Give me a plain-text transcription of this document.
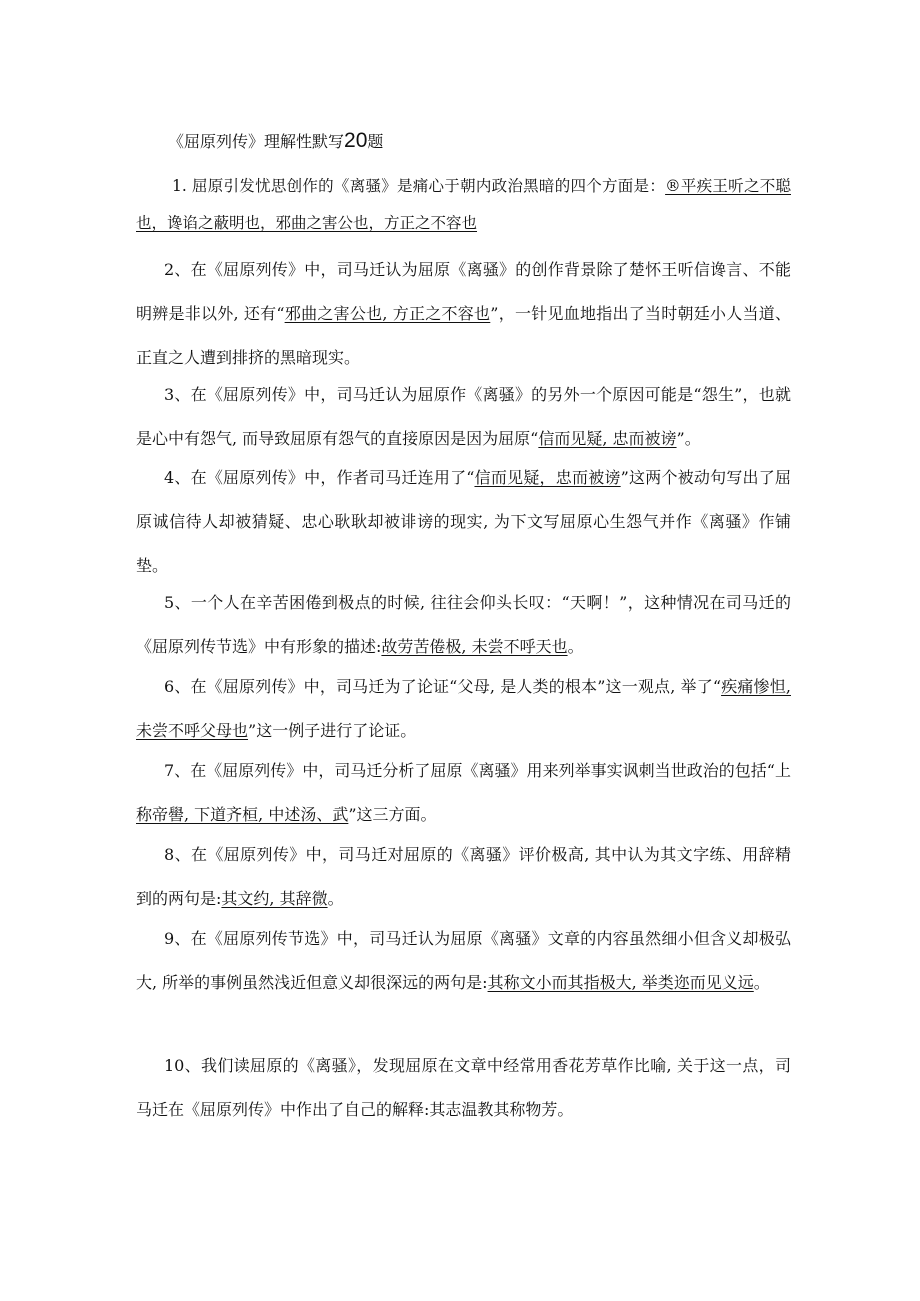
《屈原列传》理解性默写20题
1. 屈原引发忧思创作的《离骚》是痛心于朝内政治黑暗的四个方面是：®平疾王听之不聪也，谗谄之蔽明也，邪曲之害公也，方正之不容也
2、在《屈原列传》中，司马迁认为屈原《离骚》的创作背景除了楚怀王听信谗言、不能明辨是非以外, 还有“邪曲之害公也, 方正之不容也”，一针见血地指出了当时朝廷小人当道、正直之人遭到排挤的黑暗现实。
3、在《屈原列传》中，司马迁认为屈原作《离骚》的另外一个原因可能是“怨生”，也就是心中有怨气, 而导致屈原有怨气的直接原因是因为屈原“信而见疑, 忠而被谤”。
4、在《屈原列传》中，作者司马迁连用了“信而见疑，忠而被谤”这两个被动句写出了屈原诚信待人却被猜疑、忠心耿耿却被诽谤的现实, 为下文写屈原心生怨气并作《离骚》作铺垫。
5、一个人在辛苦困倦到极点的时候, 往往会仰头长叹：“天啊！”，这种情况在司马迁的《屈原列传节选》中有形象的描述:故劳苦倦极, 未尝不呼天也。
6、在《屈原列传》中，司马迁为了论证“父母, 是人类的根本”这一观点, 举了“疾痛惨怛, 未尝不呼父母也”这一例子进行了论证。
7、在《屈原列传》中，司马迁分析了屈原《离骚》用来列举事实讽刺当世政治的包括“上称帝嚳, 下道齐桓, 中述汤、武”这三方面。
8、在《屈原列传》中，司马迁对屈原的《离骚》评价极高, 其中认为其文字练、用辞精到的两句是:其文约, 其辞微。
9、在《屈原列传节选》中，司马迁认为屈原《离骚》文章的内容虽然细小但含义却极弘大, 所举的事例虽然浅近但意义却很深远的两句是:其称文小而其指极大, 举类迩而见义远。
10、我们读屈原的《离骚》，发现屈原在文章中经常用香花芳草作比喻, 关于这一点，司马迁在《屈原列传》中作出了自己的解释:其志温教其称物芳。
